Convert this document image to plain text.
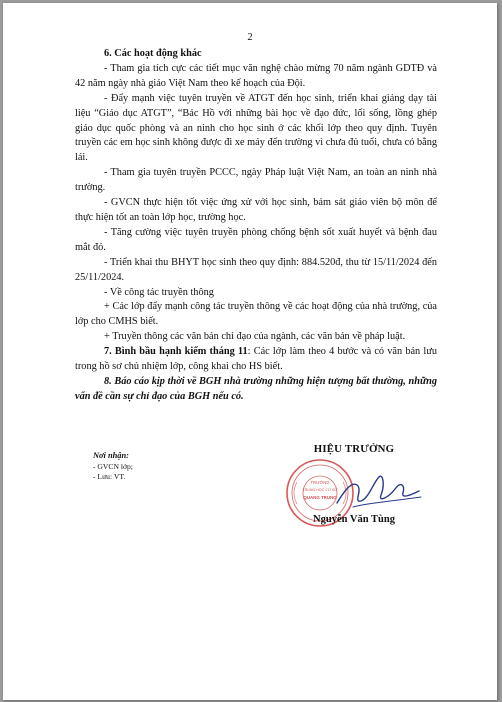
2

6. Các hoạt động khác

- Tham gia tích cực các tiết mục văn nghệ chào mừng 70 năm ngành GDTĐ và 42 năm ngày nhà giáo Việt Nam theo kế hoạch của Đội.

- Đẩy mạnh việc tuyên truyền về ATGT đến học sinh, triển khai giảng dạy tài liệu “Giáo dục ATGT”, “Bác Hồ với những bài học về đạo đức, lối sống, lồng ghép giáo dục quốc phòng và an ninh cho học sinh ở các khối lớp theo quy định. Tuyên truyền các em học sinh không được đi xe máy đến trường vì chưa đủ tuổi, chưa có bằng lái.

- Tham gia tuyên truyền PCCC, ngày Pháp luật Việt Nam, an toàn an ninh nhà trường.

- GVCN thực hiện tốt việc ứng xử với học sinh, bám sát giáo viên bộ môn để thực hiện tốt an toàn lớp học, trường học.

- Tăng cường việc tuyên truyền phòng chống bệnh sốt xuất huyết và bệnh đau mắt đỏ.

- Triển khai thu BHYT học sinh theo quy định: 884.520đ, thu từ 15/11/2024 đến 25/11/2024.

- Về công tác truyền thông

+ Các lớp đẩy mạnh công tác truyền thông về các hoạt động của nhà trường, của lớp cho CMHS biết.

+ Truyền thông các văn bản chỉ đạo của ngành, các văn bản về pháp luật.

7. Bình bầu hạnh kiểm tháng 11: Các lớp làm theo 4 bước và có văn bản lưu trong hồ sơ chủ nhiệm lớp, công khai cho HS biết.

8. Báo cáo kịp thời về BGH nhà trường những hiện tượng bất thường, những vấn đề cần sự chỉ đạo của BGH nếu có.

Nơi nhận:
- GVCN lớp;
- Lưu: VT.
TRƯỜNG
TRUNG HỌC CƠ SỞ
QUANG TRUNG
HIỆU TRƯỞNG
Nguyễn Văn Tùng
